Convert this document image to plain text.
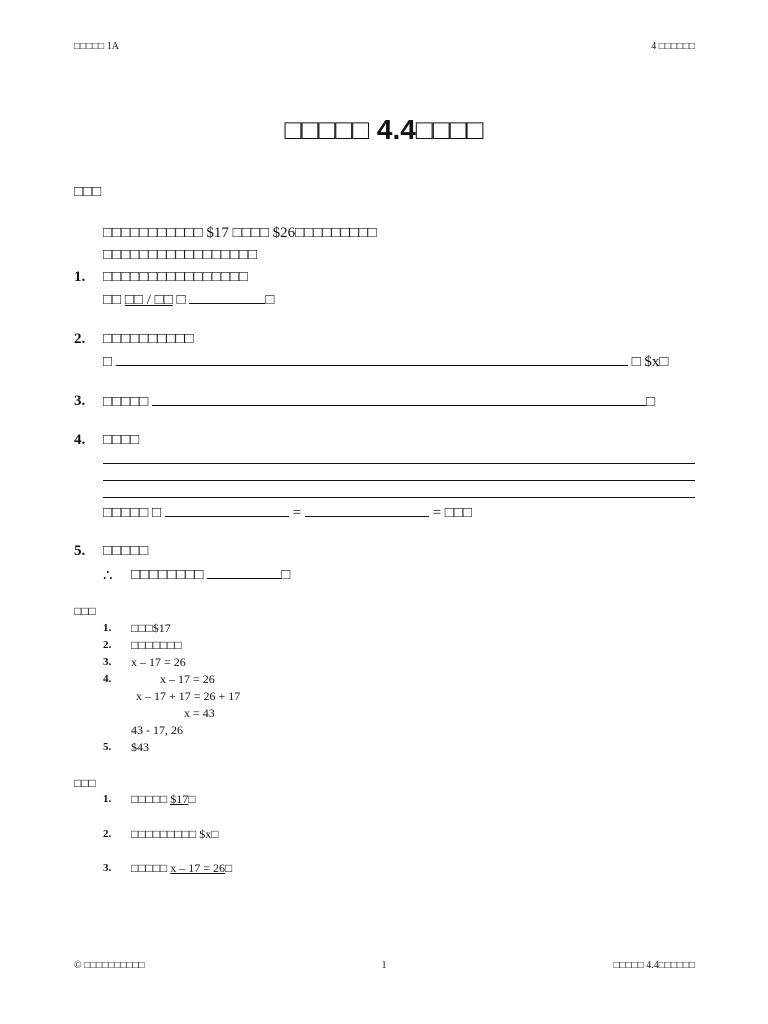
□□□□□ 1A	4 □□□□□□
□□□□□ 4.4□□□□
□□□
□□□□□□□□□□□ $17 □□□□ $26□□□□□□□□□
□□□□□□□□□□□□□□□□□
1. □□□□□□□□□□□□□□□□
□□ □□ / □□ □	□
2. □□□□□□□□□□
□	□ $x□
3. □□□□□	□
4. □□□□
□□□□□ □	=	= □□□
5. □□□□□
∴ □□□□□□□□	□
□□□
1. □□□$17
2. □□□□□□□
3. x – 17 = 26
4.	x – 17 = 26
x – 17 + 17 = 26 + 17
x = 43
43 - 17, 26
5. $43
□□□
1. □□□□□ $17□
2. □□□□□□□□□ $x□
3. □□□□□ x – 17 = 26□
© □□□□□□□□□□	1	□□□□□ 4.4□□□□□□
